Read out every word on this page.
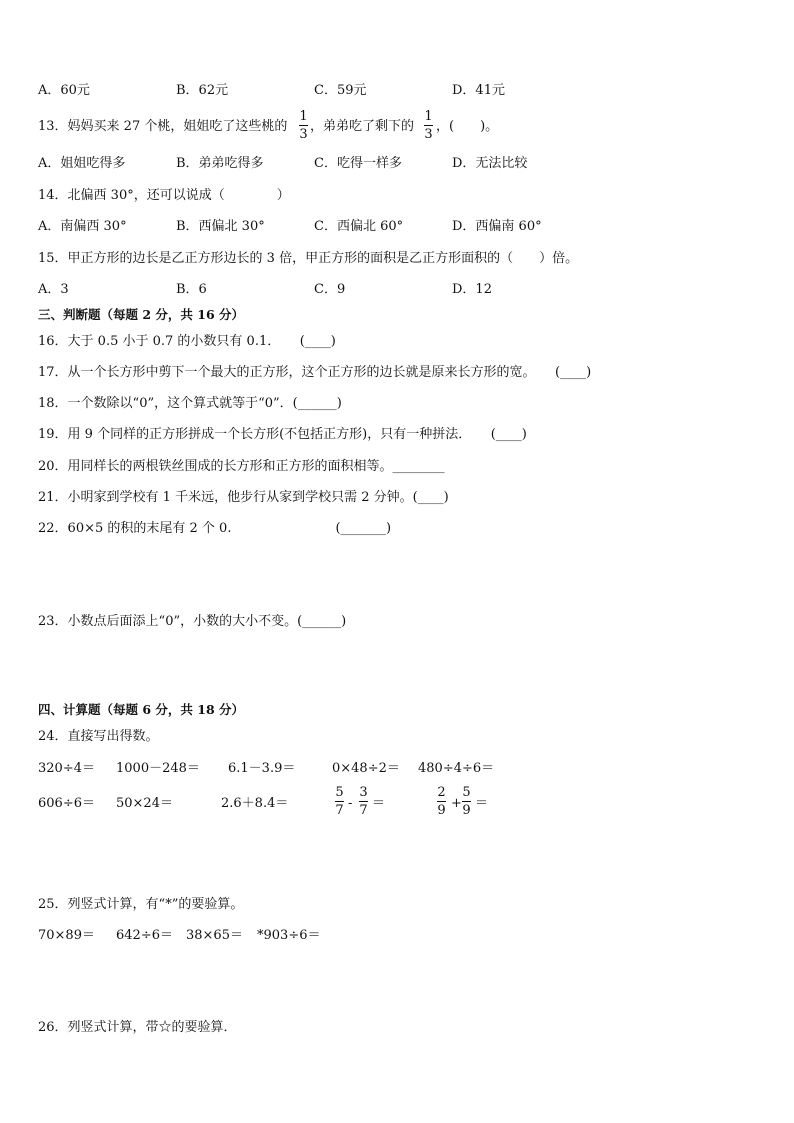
A．60元	B．62元	C．59元	D．41元
13．妈妈买来 27 个桃，姐姐吃了这些桃的
1
3
，弟弟吃了剩下的
1
3
，(　　)。
A．姐姐吃得多	B．弟弟吃得多	C．吃得一样多	D．无法比较
14．北偏西 30°，还可以说成（　　　　）
A．南偏西 30°	B．西偏北 30°	C．西偏北 60°	D．西偏南 60°
15．甲正方形的边长是乙正方形边长的 3 倍，甲正方形的面积是乙正方形面积的（　　）倍。
A．3	B．6	C．9	D．12
三、判断题（每题 2 分，共 16 分）
16．大于 0.5 小于 0.7 的小数只有 0.1．　　(____)
17．从一个长方形中剪下一个最大的正方形，这个正方形的边长就是原来长方形的宽。　　(____)
18．一个数除以“0”，这个算式就等于“0”．(______)
19．用 9 个同样的正方形拼成一个长方形(不包括正方形)，只有一种拼法．　　(____)
20．用同样长的两根铁丝围成的长方形和正方形的面积相等。________
21．小明家到学校有 1 千米远，他步行从家到学校只需 2 分钟。(____)
22．60×5 的积的末尾有 2 个 0.　　　　　　　　(_______)
23．小数点后面添上“0”，小数的大小不变。(______)
四、计算题（每题 6 分，共 18 分）
24．直接写出得数。
320÷4＝ 1000－248＝ 6.1－3.9＝	0×48÷2＝ 480÷4÷6＝
606÷6＝ 50×24＝	2.6＋8.4＝
5
7 -
3
7 ＝
2
9 +
5
9 ＝
25．列竖式计算，有“*”的要验算。
70×89＝ 642÷6＝ 38×65＝ *903÷6＝
26．列竖式计算，带☆的要验算．
